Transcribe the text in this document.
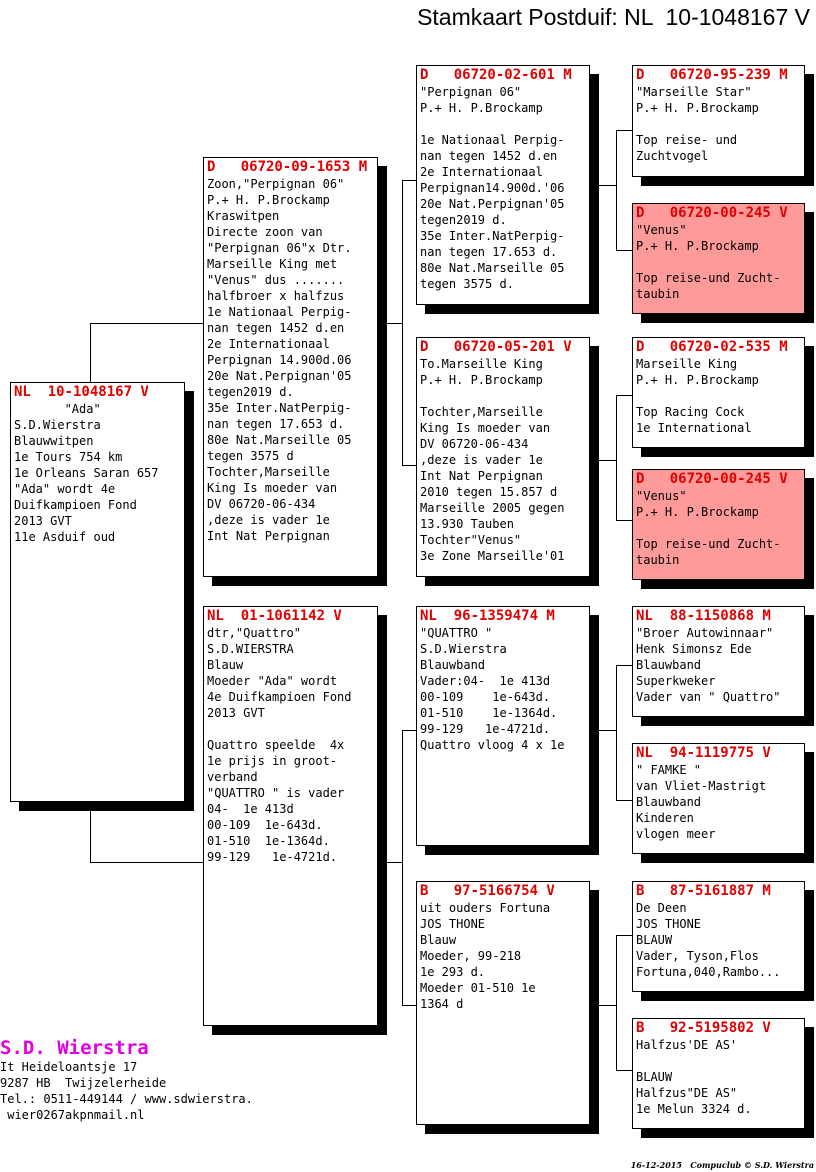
Stamkaart Postduif: NL  10-1048167 V
NL  10-1048167 V
"Ada"
S.D.Wierstra
Blauwwitpen
1e Tours 754 km
1e Orleans Saran 657
"Ada" wordt 4e
Duifkampioen Fond
2013 GVT
11e Asduif oud
D   06720-09-1653 M
Zoon,"Perpignan 06"
P.+ H. P.Brockamp
Kraswitpen
Directe zoon van
"Perpignan 06"x Dtr.
Marseille King met
"Venus" dus .......
halfbroer x halfzus
1e Nationaal Perpig-
nan tegen 1452 d.en
2e Internationaal
Perpignan 14.900d.06
20e Nat.Perpignan'05
tegen2019 d.
35e Inter.NatPerpig-
nan tegen 17.653 d.
80e Nat.Marseille 05
tegen 3575 d
Tochter,Marseille
King Is moeder van
DV 06720-06-434
,deze is vader 1e
Int Nat Perpignan
NL  01-1061142 V
dtr,"Quattro"
S.D.WIERSTRA
Blauw
Moeder "Ada" wordt
4e Duifkampioen Fond
2013 GVT

Quattro speelde  4x
1e prijs in groot-
verband
"QUATTRO " is vader
04-  1e 413d
00-109  1e-643d.
01-510  1e-1364d.
99-129   1e-4721d.
D   06720-02-601 M
"Perpignan 06"
P.+ H. P.Brockamp

1e Nationaal Perpig-
nan tegen 1452 d.en
2e Internationaal
Perpignan14.900d.'06
20e Nat.Perpignan'05
tegen2019 d.
35e Inter.NatPerpig-
nan tegen 17.653 d.
80e Nat.Marseille 05
tegen 3575 d.
D   06720-05-201 V
To.Marseille King
P.+ H. P.Brockamp

Tochter,Marseille
King Is moeder van
DV 06720-06-434
,deze is vader 1e
Int Nat Perpignan
2010 tegen 15.857 d
Marseille 2005 gegen
13.930 Tauben
Tochter"Venus"
3e Zone Marseille'01
NL  96-1359474 M
"QUATTRO "
S.D.Wierstra
Blauwband
Vader:04-  1e 413d
00-109    1e-643d.
01-510    1e-1364d.
99-129   1e-4721d.
Quattro vloog 4 x 1e
B   97-5166754 V
uit ouders Fortuna
JOS THONE
Blauw
Moeder, 99-218
1e 293 d.
Moeder 01-510 1e
1364 d
D   06720-95-239 M
"Marseille Star"
P.+ H. P.Brockamp

Top reise- und
Zuchtvogel
D   06720-00-245 V
"Venus"
P.+ H. P.Brockamp

Top reise-und Zucht-
taubin
D   06720-02-535 M
Marseille King
P.+ H. P.Brockamp

Top Racing Cock
1e International
D   06720-00-245 V
"Venus"
P.+ H. P.Brockamp

Top reise-und Zucht-
taubin
NL  88-1150868 M
"Broer Autowinnaar"
Henk Simonsz Ede
Blauwband
Superkweker
Vader van " Quattro"
NL  94-1119775 V
" FAMKE "
van Vliet-Mastrigt
Blauwband
Kinderen
vlogen meer
B   87-5161887 M
De Deen
JOS THONE
BLAUW
Vader, Tyson,Flos
Fortuna,040,Rambo...
B   92-5195802 V
Halfzus'DE AS'

BLAUW
Halfzus"DE AS"
1e Melun 3324 d.
S.D. Wierstra
It Heideloantsje 17
9287 HB  Twijzelerheide
Tel.: 0511-449144 / www.sdwierstra.
wier0267akpnmail.nl
16-12-2015   Compuclub © S.D. Wierstra
